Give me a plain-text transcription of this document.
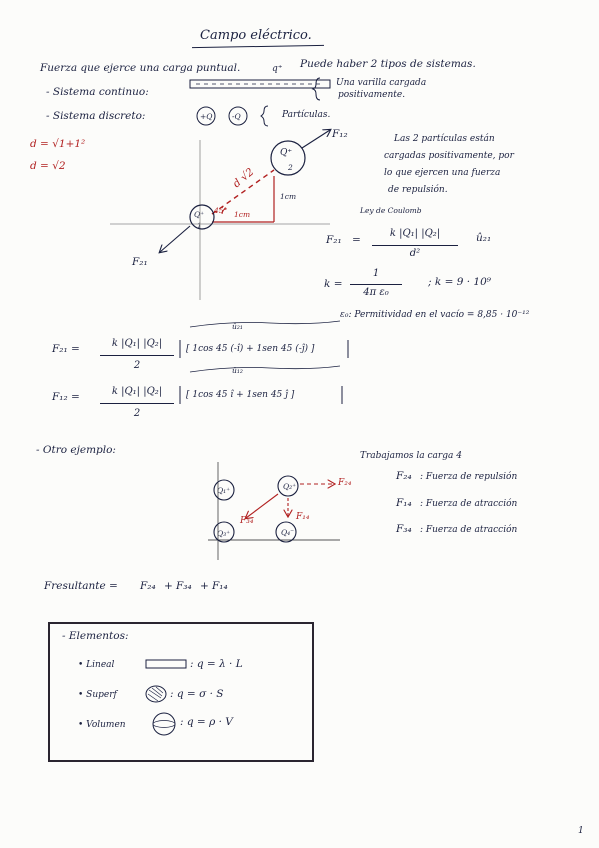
Campo eléctrico.
Fuerza que ejerce una carga puntual.	Puede haber 2 tipos de sistemas.
q⁺
- Sistema continuo:
Una varilla cargada
positivamente.
- Sistema discreto:	+Q	-Q	Partículas.
d = √1+1²
d = √2
Las 2 partículas están
cargadas positivamente, por
lo que ejercen una fuerza
de repulsión.
Q⁺
2
Q⁺
1
F₁₂
F₂₁
d √2
45° 1cm
1cm
Ley de Coulomb
F₂₁ =
k |Q₁| |Q₂|
d²
û₂₁
k =
1
4π ε₀
; k = 9 · 10⁹
ε₀: Permitividad en el vacío = 8,85 · 10⁻¹²
F₂₁ =	k |Q₁| |Q₂|
2
û₂₁
[ 1cos 45 (-î) + 1sen 45 (-ĵ) ]
F₁₂ =	k |Q₁| |Q₂|
2
û₁₂
[ 1cos 45 î + 1sen 45 ĵ ]
- Otro ejemplo:	Trabajamos la carga 4
F₂₄ : Fuerza de repulsión
F₁₄ : Fuerza de atracción
F₃₄ : Fuerza de atracción
Q₁⁺	Q₂⁺
Q₃⁺	Q₄⁻
F₂₄
F₃₄	F₁₄
Fresultante = F₂₄ + F₃₄ + F₁₄
- Elementos:
• Lineal	: q = λ · L
• Superf	: q = σ · S
• Volumen	: q = ρ · V
1
